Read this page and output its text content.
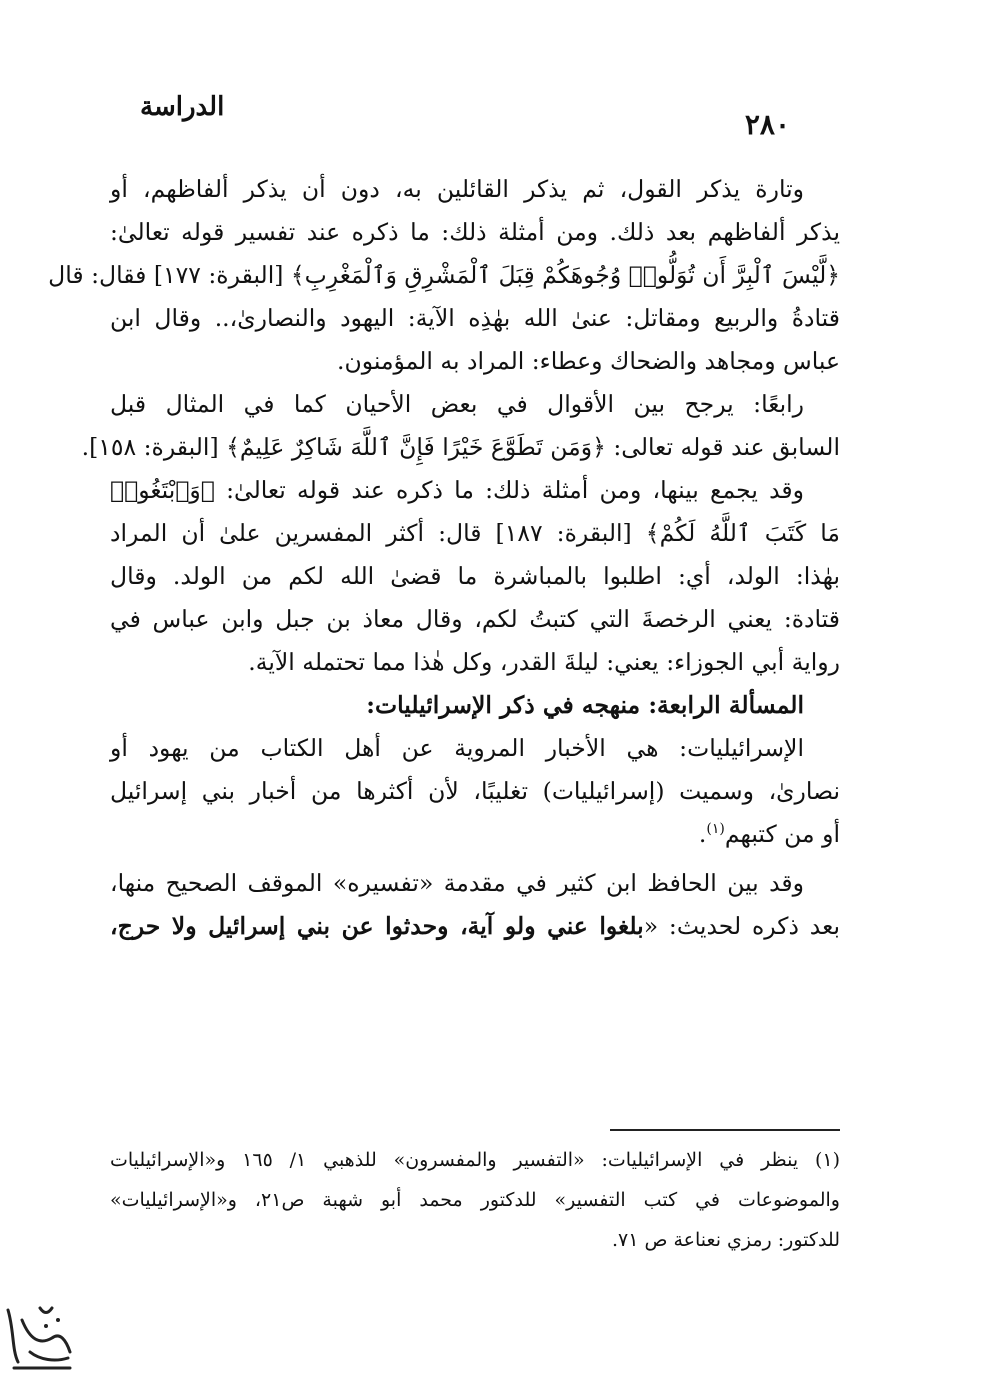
الدراسة
٢٨٠
وتارة يذكر القول، ثم يذكر القائلين به، دون أن يذكر ألفاظهم، أو
يذكر ألفاظهم بعد ذلك. ومن أمثلة ذلك: ما ذكره عند تفسير قوله تعالىٰ:
﴿لَّيْسَ ٱلْبِرَّ أَن تُوَلُّوا۟ وُجُوهَكُمْ قِبَلَ ٱلْمَشْرِقِ وَٱلْمَغْرِبِ﴾ [البقرة: ١٧٧] فقال: قال
قتادةُ والربيع ومقاتل: عنىٰ الله بهٰذِه الآية: اليهود والنصارىٰ،.. وقال ابن
عباس ومجاهد والضحاك وعطاء: المراد به المؤمنون.
رابعًا: يرجح بين الأقوال في بعض الأحيان كما في المثال قبل
السابق عند قوله تعالى: ﴿وَمَن تَطَوَّعَ خَيْرًا فَإِنَّ ٱللَّهَ شَاكِرٌ عَلِيمٌ﴾ [البقرة: ١٥٨].
وقد يجمع بينها، ومن أمثلة ذلك: ما ذكره عند قوله تعالىٰ: ﴿وَٱبْتَغُوا۟
مَا كَتَبَ ٱللَّهُ لَكُمْ﴾ [البقرة: ١٨٧] قال: أكثر المفسرين علىٰ أن المراد
بهٰذا: الولد، أي: اطلبوا بالمباشرة ما قضىٰ الله لكم من الولد. وقال
قتادة: يعني الرخصةَ التي كتبتُ لكم، وقال معاذ بن جبل وابن عباس في
رواية أبي الجوزاء: يعني: ليلةَ القدر، وكل هٰذا مما تحتمله الآية.
المسألة الرابعة: منهجه في ذكر الإسرائيليات:
الإسرائيليات: هي الأخبار المروية عن أهل الكتاب من يهود أو
نصارىٰ، وسميت (إسرائيليات) تغليبًا، لأن أكثرها من أخبار بني إسرائيل
أو من كتبهم$^{(١)}$.
وقد بين الحافظ ابن كثير في مقدمة «تفسيره» الموقف الصحيح منها،
بعد ذكره لحديث: «بلغوا عني ولو آية، وحدثوا عن بني إسرائيل ولا حرج،
(١) ينظر في الإسرائيليات: «التفسير والمفسرون» للذهبي ١/ ١٦٥ و«الإسرائيليات
والموضوعات في كتب التفسير» للدكتور محمد أبو شهبة ص٢١، و«الإسرائيليات»
للدكتور: رمزي نعناعة ص ٧١.
